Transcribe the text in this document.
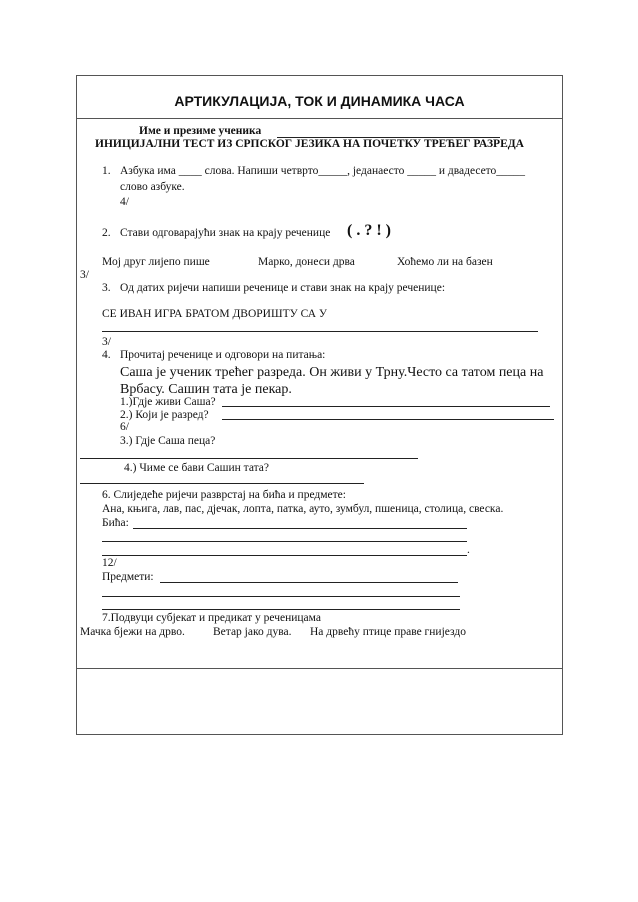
АРТИКУЛАЦИЈА, ТОК И ДИНАМИКА ЧАСА
Име и презиме ученика
ИНИЦИЈАЛНИ ТЕСТ ИЗ СРПСКОГ ЈЕЗИКА НА ПОЧЕТКУ ТРЕЋЕГ РАЗРЕДА
1. Азбука има ____ слова. Напиши четврто_____, једанаесто _____ и двадесето_____
слово азбуке.
4/
2. Стави одговарајући знак на крају реченице ( . ? ! )
Мој друг лијепо пише	Марко, донеси дрва	Хоћемо ли на базен
3/
3. Од датих ријечи напиши реченице и стави знак на крају реченице:
СЕ ИВАН ИГРА БРАТОМ ДВОРИШТУ СА У
3/
4. Прочитај реченице и одговори на питања:
Саша је ученик трећег разреда. Он живи у Трну.Често са татом пеца на
Врбасу. Сашин тата је пекар.
1.)Гдје живи Саша?
2.) Који је разред?
6/
3.) Гдје Саша пеца?
4.) Чиме се бави Сашин тата?
6. Слиједеће ријечи разврстај на бића и предмете:
Ана, књига, лав, пас, дјечак, лопта, патка, ауто, зумбул, пшеница, столица, свеска.
Бића:
.
12/
Предмети:
7.Подвуци субјекат и предикат у реченицама
Мачка бјежи на дрво. Ветар јако дува. На дрвећу птице праве гнијездо
